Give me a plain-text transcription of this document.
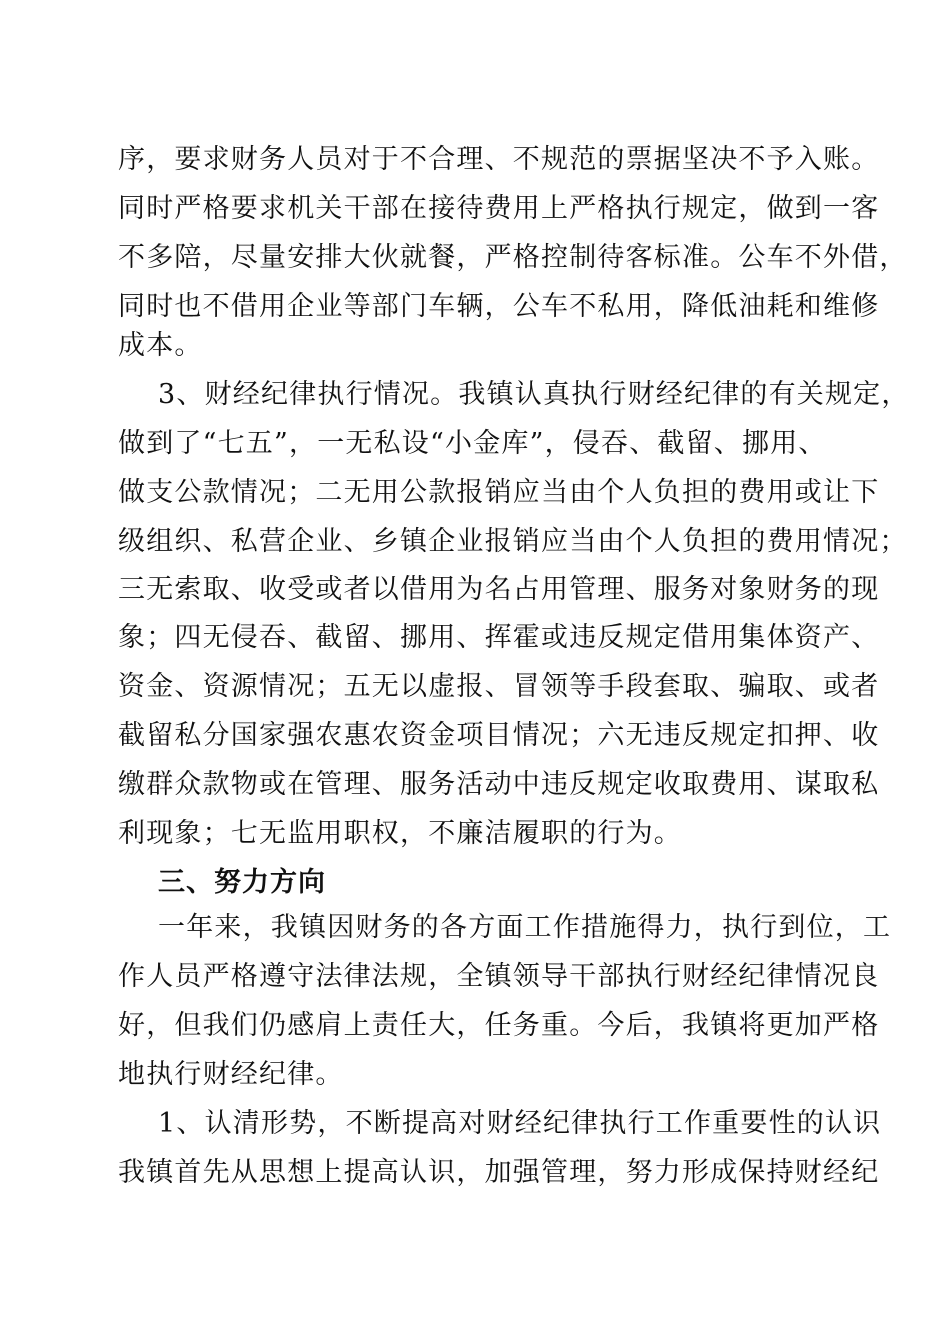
序，要求财务人员对于不合理、不规范的票据坚决不予入账。
同时严格要求机关干部在接待费用上严格执行规定，做到一客
不多陪，尽量安排大伙就餐，严格控制待客标准。公车不外借，
同时也不借用企业等部门车辆，公车不私用，降低油耗和维修
成本。
3、财经纪律执行情况。我镇认真执行财经纪律的有关规定，
做到了“七五”，一无私设“小金库”，侵吞、截留、挪用、
做支公款情况；二无用公款报销应当由个人负担的费用或让下
级组织、私营企业、乡镇企业报销应当由个人负担的费用情况；
三无索取、收受或者以借用为名占用管理、服务对象财务的现
象；四无侵吞、截留、挪用、挥霍或违反规定借用集体资产、
资金、资源情况；五无以虚报、冒领等手段套取、骗取、或者
截留私分国家强农惠农资金项目情况；六无违反规定扣押、收
缴群众款物或在管理、服务活动中违反规定收取费用、谋取私
利现象；七无监用职权，不廉洁履职的行为。
三、努力方向
一年来，我镇因财务的各方面工作措施得力，执行到位，工
作人员严格遵守法律法规，全镇领导干部执行财经纪律情况良
好，但我们仍感肩上责任大，任务重。今后，我镇将更加严格
地执行财经纪律。
1、认清形势，不断提高对财经纪律执行工作重要性的认识
我镇首先从思想上提高认识，加强管理，努力形成保持财经纪
